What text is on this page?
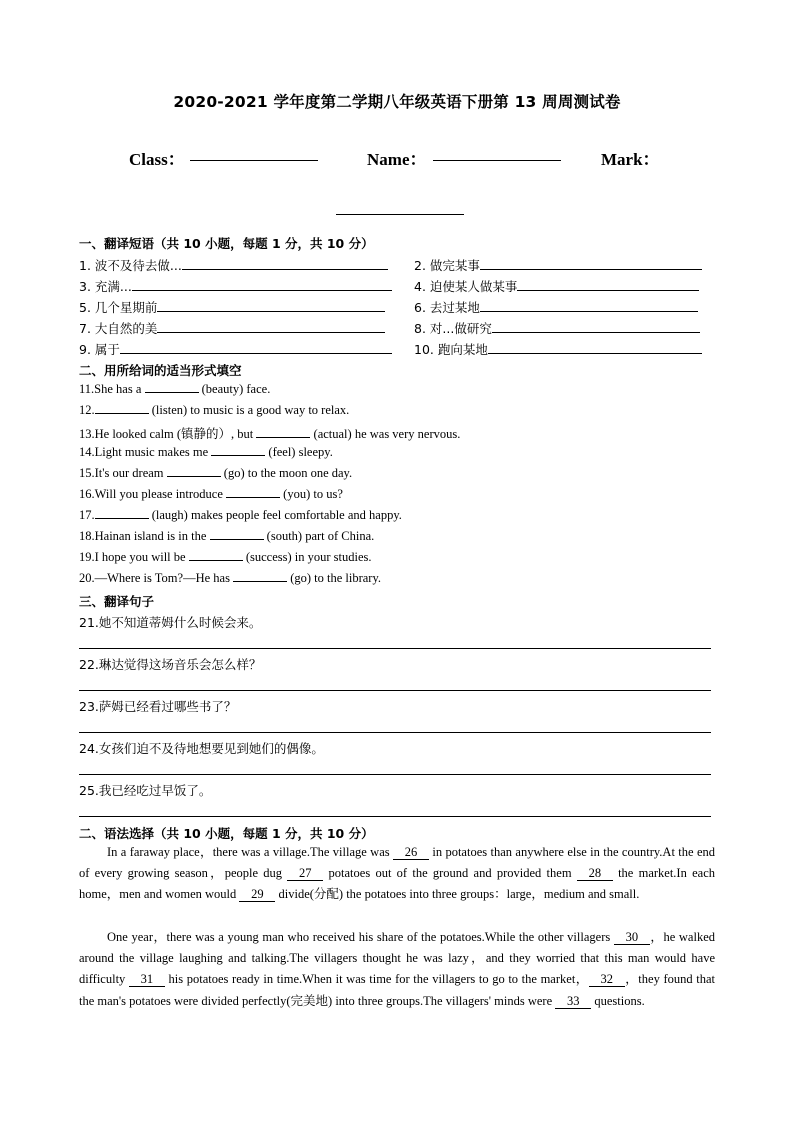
2020-2021 学年度第二学期八年级英语下册第 13 周周测试卷
Class：	Name：	Mark：
一、翻译短语（共 10 小题，每题 1 分，共 10 分）
1. 波不及待去做...	2. 做完某事
3. 充满...	4. 迫使某人做某事
5. 几个星期前	6. 去过某地
7. 大自然的美	8. 对...做研究
9. 属于	10. 跑向某地
二、用所给词的适当形式填空
11.She has a	(beauty) face.
12.	(listen) to music is a good way to relax.
13.He looked calm (镇静的）, but	(actual) he was very nervous.
14.Light music makes me	(feel) sleepy.
15.It's our dream	(go) to the moon one day.
16.Will you please introduce	(you) to us?
17.	(laugh) makes people feel comfortable and happy.
18.Hainan island is in the	(south) part of China.
19.I hope you will be	(success) in your studies.
20.—Where is Tom?—He has	(go) to the library.
三、翻译句子
21.她不知道蒂姆什么时候会来。
22.琳达觉得这场音乐会怎么样？
23.萨姆已经看过哪些书了？
24.女孩们迫不及待地想要见到她们的偶像。
25.我已经吃过早饭了。
二、语法选择（共 10 小题，每题 1 分，共 10 分）
In a faraway place，there was a village.The village was 26 in potatoes than anywhere else in the country.At the end of every growing season，people dug 27 potatoes out of the ground and provided them 28 the market.In each home，men and women would 29 divide(分配) the potatoes into three groups：large，medium and small.
One year，there was a young man who received his share of the potatoes.While the other villagers 30 ，he walked around the village laughing and talking.The villagers thought he was lazy，and they worried that this man would have difficulty 31 his potatoes ready in time.When it was time for the villagers to go to the market， 32 ，they found that the man's potatoes were divided perfectly(完美地) into three groups.The villagers' minds were 33 questions.
